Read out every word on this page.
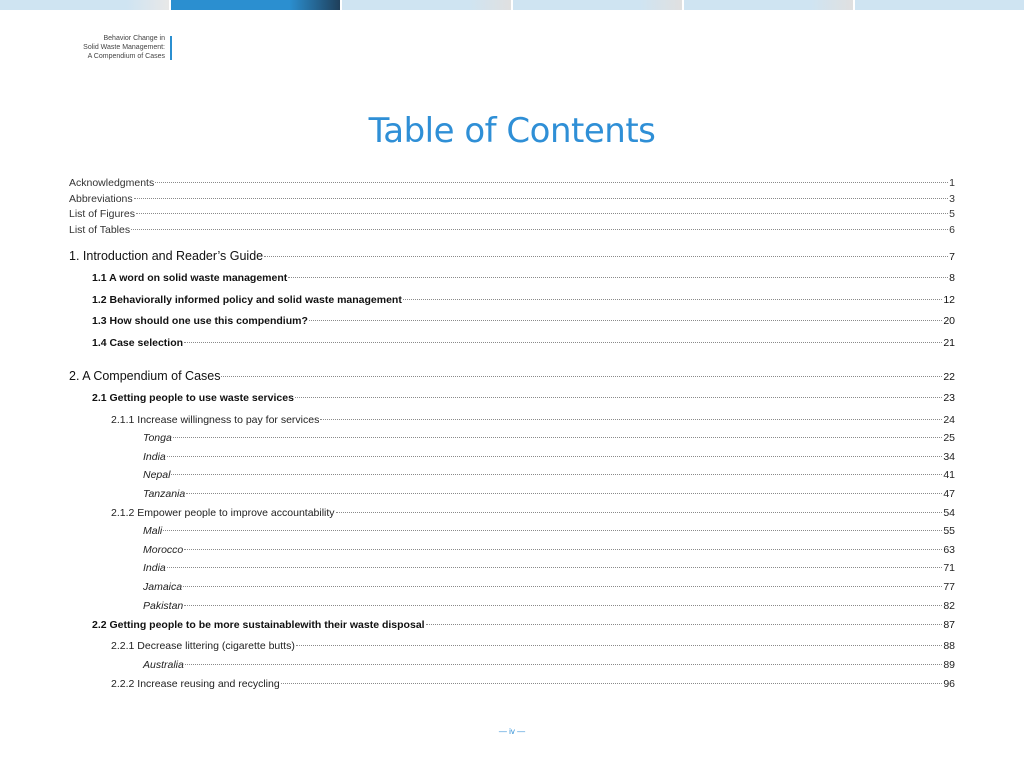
Behavior Change in
Solid Waste Management:
A Compendium of Cases
Table of Contents
Acknowledgments	1
Abbreviations	3
List of Figures	5
List of Tables	6
1. Introduction and Reader’s Guide	7
1.1 A word on solid waste management	8
1.2 Behaviorally informed policy and solid waste management	12
1.3 How should one use this compendium?	20
1.4 Case selection	21
2. A Compendium of Cases	22
2.1 Getting people to use waste services	23
2.1.1 Increase willingness to pay for services	24
Tonga	25
India	34
Nepal	41
Tanzania	47
2.1.2 Empower people to improve accountability	54
Mali	55
Morocco	63
India	71
Jamaica	77
Pakistan	82
2.2 Getting people to be more sustainablewith their waste disposal	87
2.2.1 Decrease littering (cigarette butts)	88
Australia	89
2.2.2 Increase reusing and recycling	96
— iv —
